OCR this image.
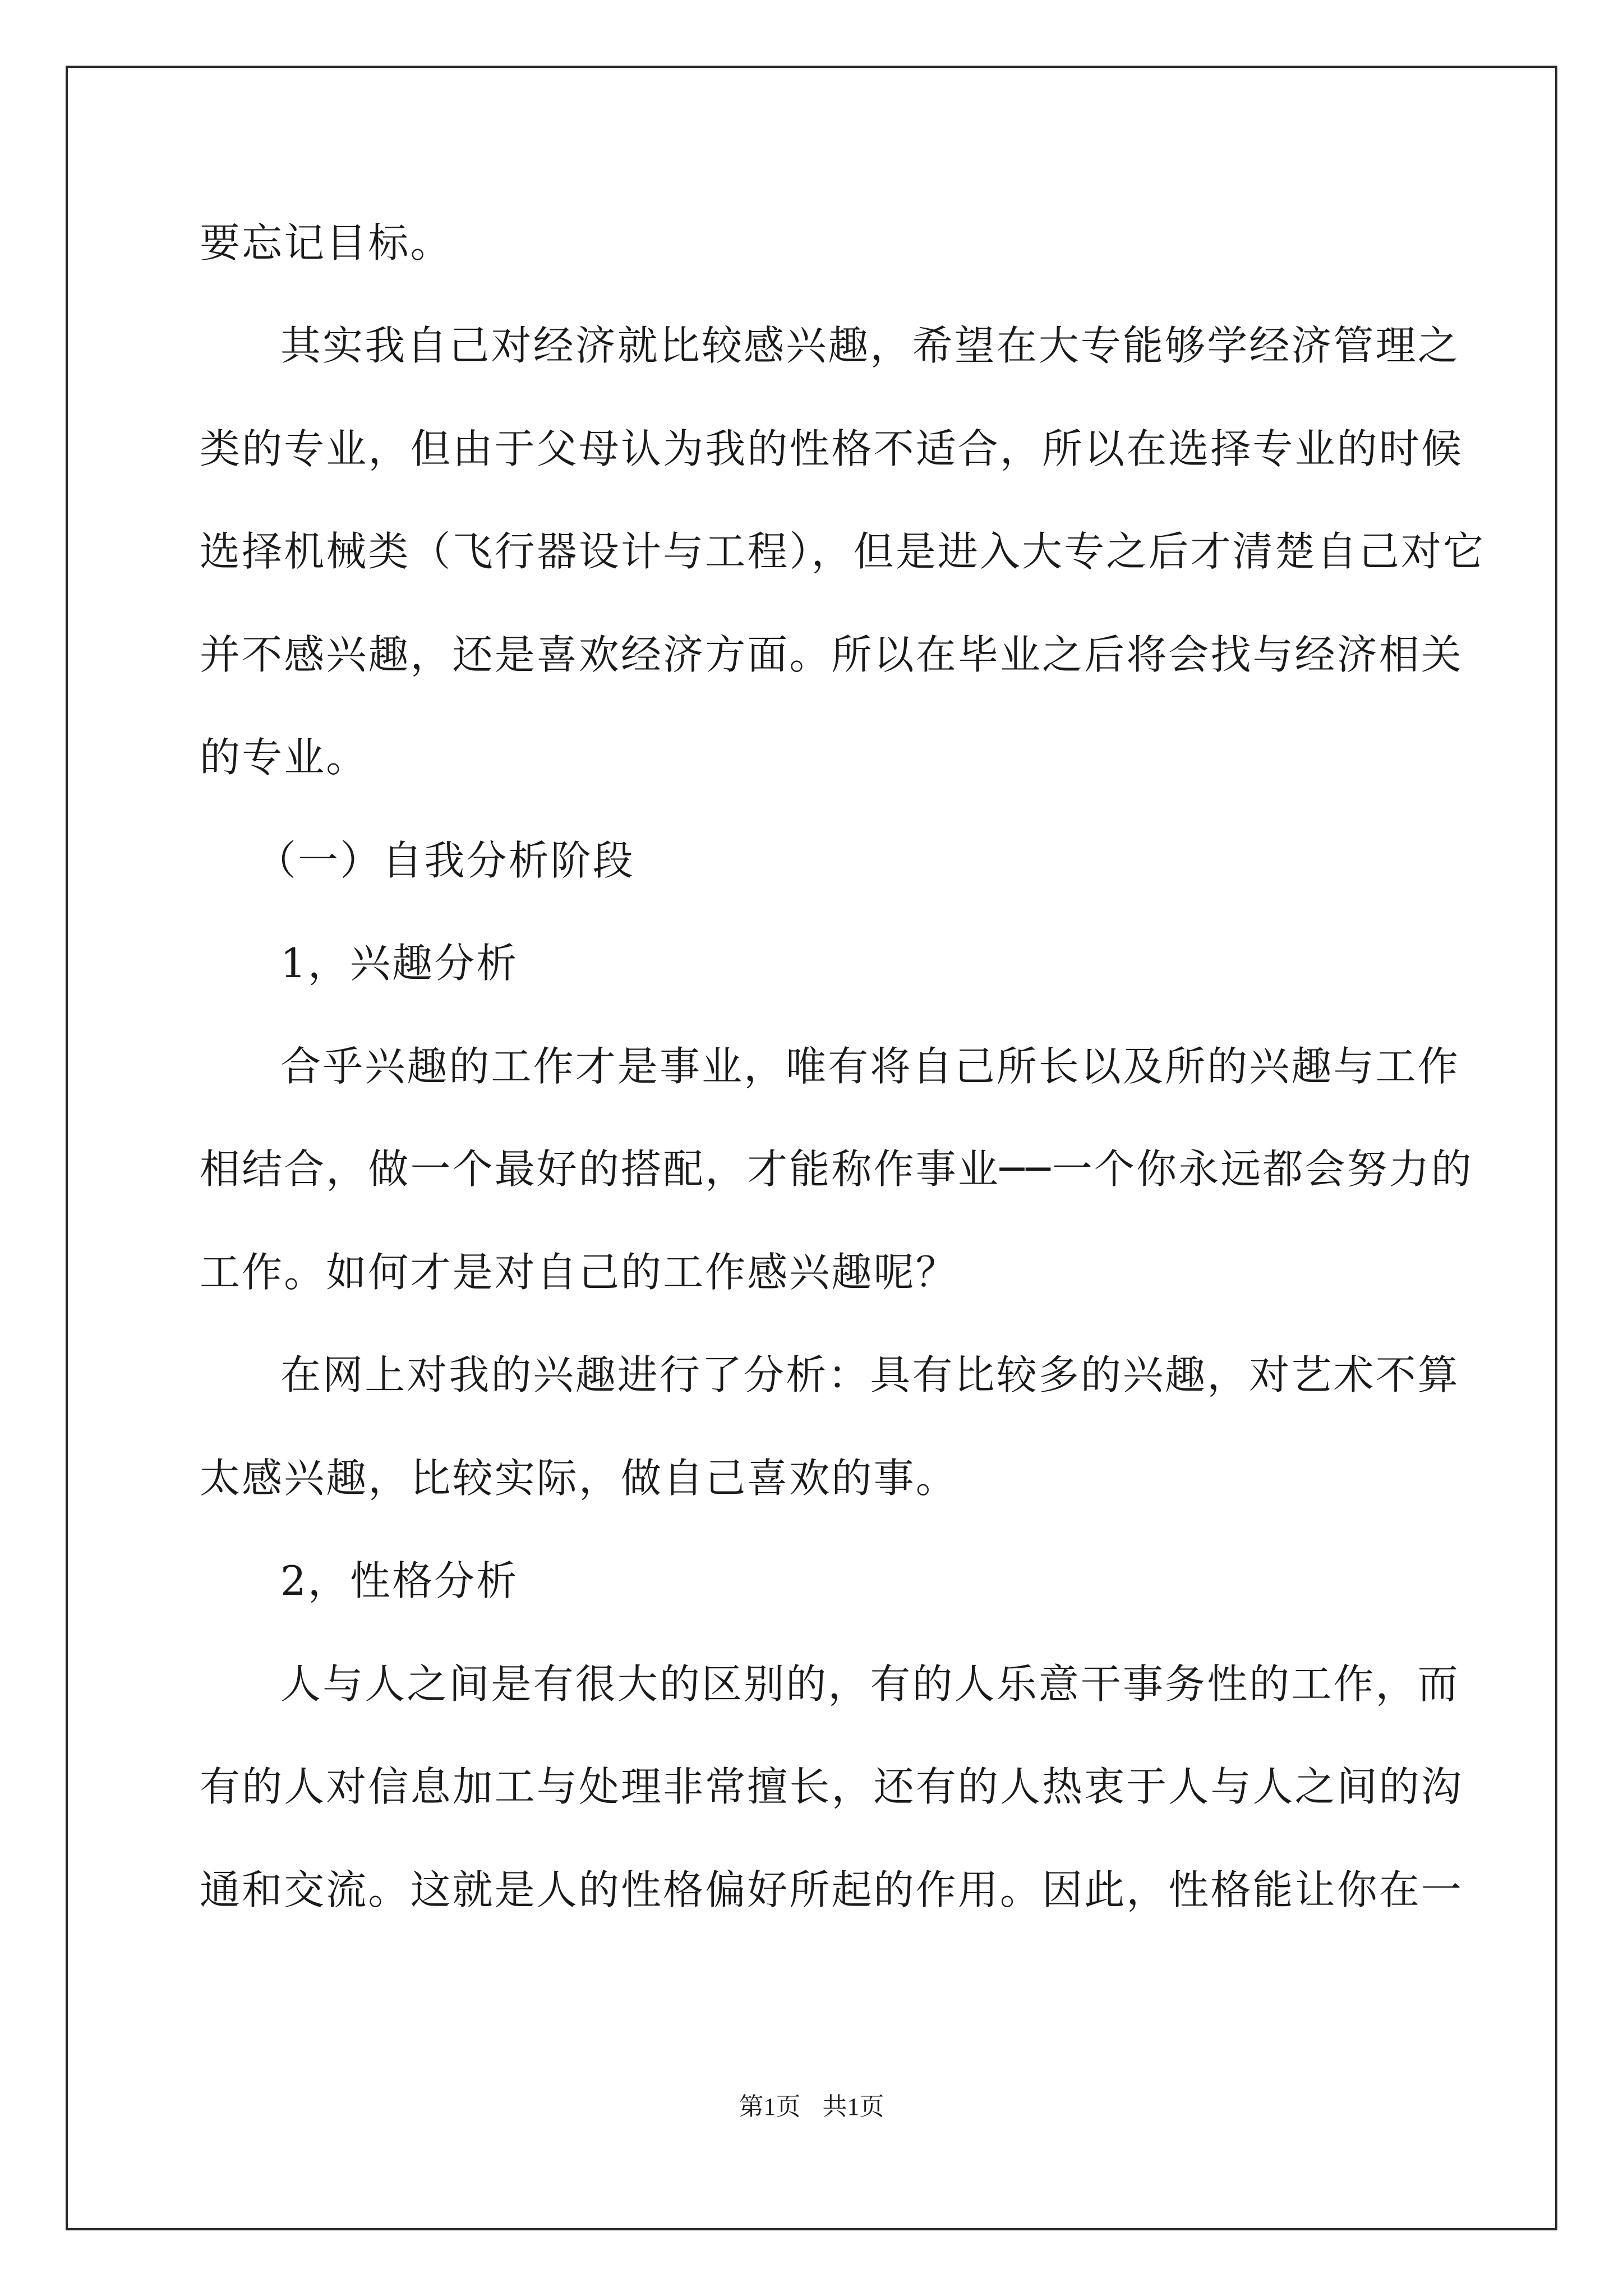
要忘记目标。
其实我自己对经济就比较感兴趣，希望在大专能够学经济管理之
类的专业，但由于父母认为我的性格不适合，所以在选择专业的时候
选择机械类（飞行器设计与工程），但是进入大专之后才清楚自己对它
并不感兴趣，还是喜欢经济方面。所以在毕业之后将会找与经济相关
的专业。
（一）自我分析阶段
1，兴趣分析
合乎兴趣的工作才是事业，唯有将自己所长以及所的兴趣与工作
相结合，做一个最好的搭配，才能称作事业──一个你永远都会努力的
工作。如何才是对自己的工作感兴趣呢？
在网上对我的兴趣进行了分析：具有比较多的兴趣，对艺术不算
太感兴趣，比较实际，做自己喜欢的事。
2，性格分析
人与人之间是有很大的区别的，有的人乐意干事务性的工作，而
有的人对信息加工与处理非常擅长，还有的人热衷于人与人之间的沟
通和交流。这就是人的性格偏好所起的作用。因此，性格能让你在一
第1页 共1页
